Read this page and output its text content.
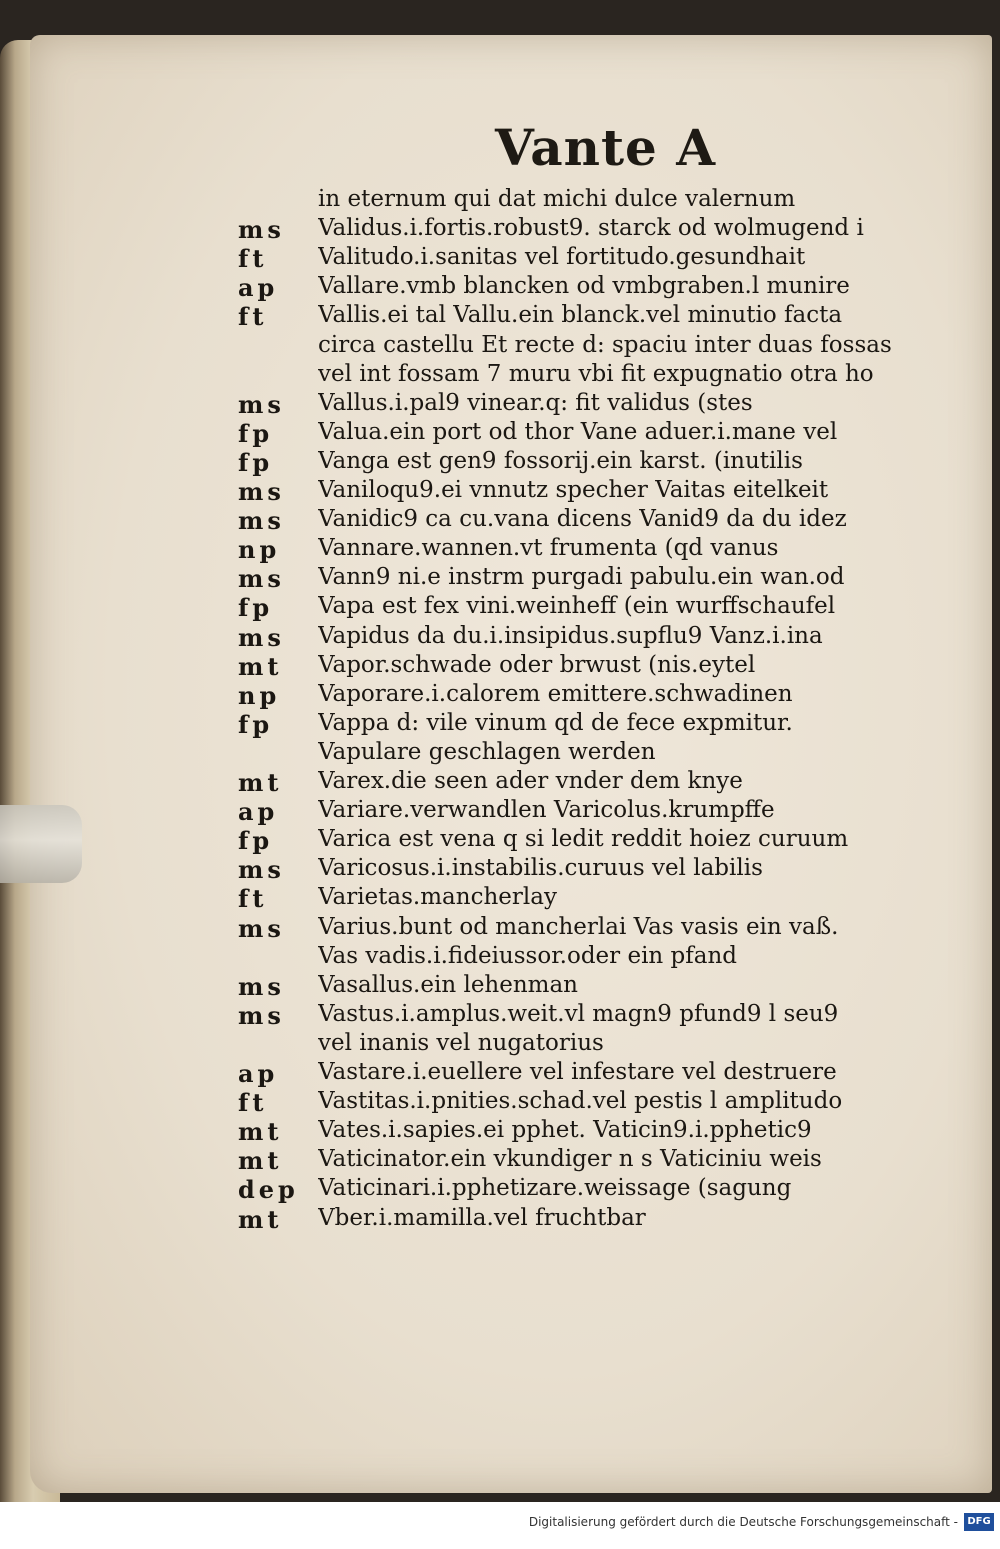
Vante A
in eternum qui dat michi dulce valernum
ms	Validus.i.fortis.robust9. starck od wolmugend i
ft	Valitudo.i.sanitas vel fortitudo.gesundhait
ap	Vallare.vmb blancken od vmbgraben.l munire
ft	Vallis.ei tal Vallu.ein blanck.vel minutio facta
circa castellu Et recte d: spaciu inter duas fossas
vel int fossam 7 muru vbi fit expugnatio otra ho
ms	Vallus.i.pal9 vinear.q: fit validus (stes
fp	Valua.ein port od thor Vane aduer.i.mane vel
fp	Vanga est gen9 fossorij.ein karst. (inutilis
ms	Vaniloqu9.ei vnnutz specher Vaitas eitelkeit
ms	Vanidic9 ca cu.vana dicens Vanid9 da du idez
np	Vannare.wannen.vt frumenta (qd vanus
ms	Vann9 ni.e instrm purgadi pabulu.ein wan.od
fp	Vapa est fex vini.weinheff (ein wurffschaufel
ms	Vapidus da du.i.insipidus.supflu9 Vanz.i.ina
mt	Vapor.schwade oder brwust (nis.eytel
np	Vaporare.i.calorem emittere.schwadinen
fp	Vappa d: vile vinum qd de fece expmitur.
Vapulare geschlagen werden
mt	Varex.die seen ader vnder dem knye
ap	Variare.verwandlen Varicolus.krumpffe
fp	Varica est vena q si ledit reddit hoiez curuum
ms	Varicosus.i.instabilis.curuus vel labilis
ft	Varietas.mancherlay
ms	Varius.bunt od mancherlai Vas vasis ein vaß.
Vas vadis.i.fideiussor.oder ein pfand
ms	Vasallus.ein lehenman
ms	Vastus.i.amplus.weit.vl magn9 pfund9 l seu9
vel inanis vel nugatorius
ap	Vastare.i.euellere vel infestare vel destruere
ft	Vastitas.i.pnities.schad.vel pestis l amplitudo
mt	Vates.i.sapies.ei pphet. Vaticin9.i.pphetic9
mt	Vaticinator.ein vkundiger n s Vaticiniu weis
dep Vaticinari.i.pphetizare.weissage (sagung
mt	Vber.i.mamilla.vel fruchtbar
Digitalisierung gefördert durch die Deutsche Forschungsgemeinschaft - DFG
